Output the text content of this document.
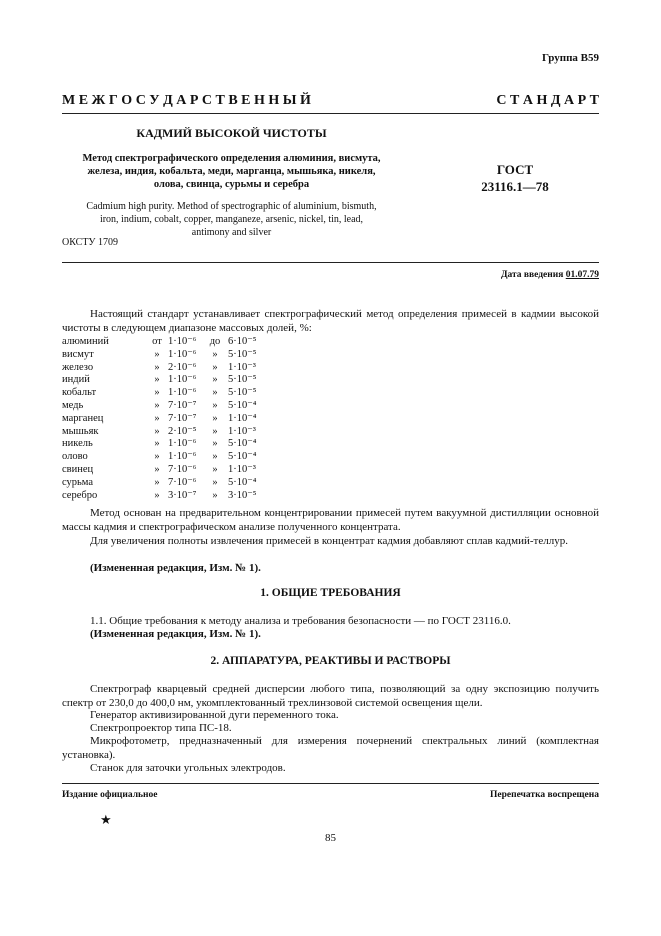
Группа В59
М Е Ж Г О С У Д А Р С Т В Е Н Н Ы Й	С Т А Н Д А Р Т
КАДМИЙ ВЫСОКОЙ ЧИСТОТЫ
Метод спектрографического определения алюминия, висмута,
железа, индия, кобальта, меди, марганца, мышьяка, никеля,
олова, свинца, сурьмы и серебра
ГОСТ
23116.1—78
Cadmium high purity. Method of spectrographic of aluminium, bismuth,
iron, indium, cobalt, copper, manganeze, arsenic, nickel, tin, lead,
antimony and silver
ОКСТУ 1709
Дата введения 01.07.79
Настоящий стандарт устанавливает спектрографический метод определения примесей в кадмии высокой чистоты в следующем диапазоне массовых долей, %:
алюминий	от 1·10⁻⁶	до 6·10⁻⁵
висмут	» 1·10⁻⁶	» 5·10⁻⁵
железо	» 2·10⁻⁶	» 1·10⁻³
индий	» 1·10⁻⁶	» 5·10⁻⁵
кобальт	» 1·10⁻⁶	» 5·10⁻⁵
медь	» 7·10⁻⁷	» 5·10⁻⁴
марганец	» 7·10⁻⁷	» 1·10⁻⁴
мышьяк	» 2·10⁻⁵	» 1·10⁻³
никель	» 1·10⁻⁶	» 5·10⁻⁴
олово	» 1·10⁻⁶	» 5·10⁻⁴
свинец	» 7·10⁻⁶	» 1·10⁻³
сурьма	» 7·10⁻⁶	» 5·10⁻⁴
серебро	» 3·10⁻⁷	» 3·10⁻⁵
Метод основан на предварительном концентрировании примесей путем вакуумной дистилляции основной массы кадмия и спектрографическом анализе полученного концентрата.
Для увеличения полноты извлечения примесей в концентрат кадмия добавляют сплав кадмий-теллур.
(Измененная редакция, Изм. № 1).
1. ОБЩИЕ ТРЕБОВАНИЯ
1.1. Общие требования к методу анализа и требования безопасности — по ГОСТ 23116.0.
(Измененная редакция, Изм. № 1).
2. АППАРАТУРА, РЕАКТИВЫ И РАСТВОРЫ
Спектрограф кварцевый средней дисперсии любого типа, позволяющий за одну экспозицию получить спектр от 230,0 до 400,0 нм, укомплектованный трехлинзовой системой освещения щели.
Генератор активизированной дуги переменного тока.
Спектропроектор типа ПС-18.
Микрофотометр, предназначенный для измерения почернений спектральных линий (комплектная установка).
Станок для заточки угольных электродов.
Издание официальное	Перепечатка воспрещена
★
85
